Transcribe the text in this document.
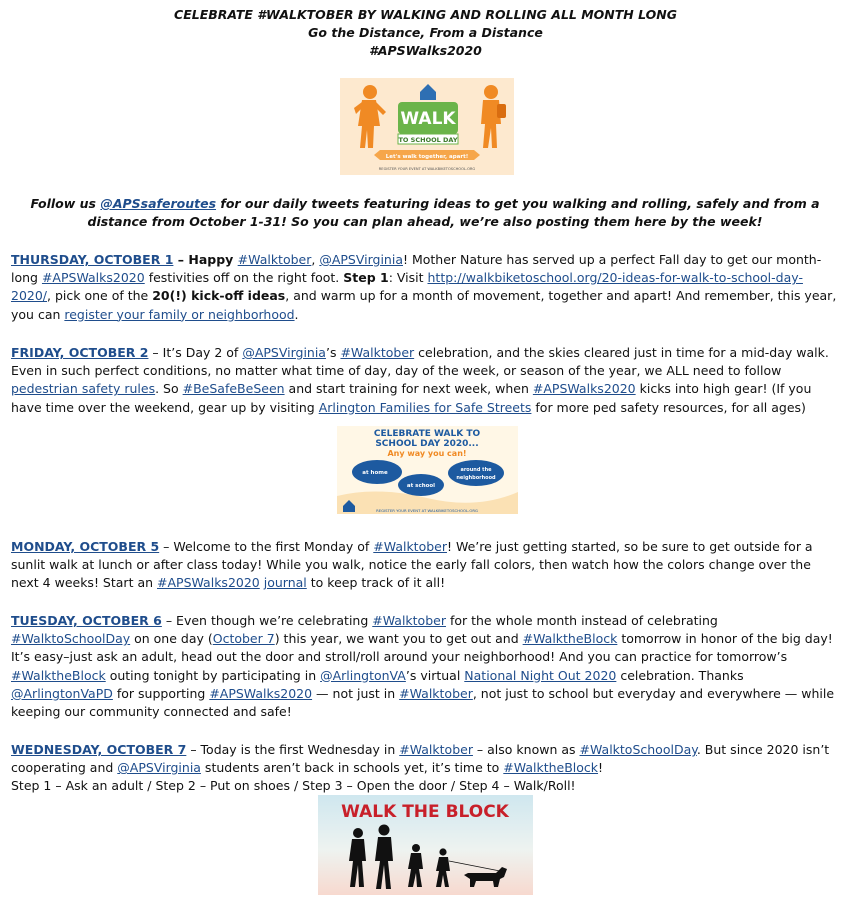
CELEBRATE #WALKTOBER BY WALKING AND ROLLING ALL MONTH LONG
Go the Distance, From a Distance
#APSWalks2020
WALK
TO SCHOOL DAY
Let's walk together, apart!
REGISTER YOUR EVENT AT WALKBIKETOSCHOOL.ORG
Follow us @APSsaferoutes for our daily tweets featuring ideas to get you walking and rolling, safely and from a distance from October 1-31! So you can plan ahead, we’re also posting them here by the week!
THURSDAY, OCTOBER 1 – Happy #Walktober, @APSVirginia! Mother Nature has served up a perfect Fall day to get our month-long #APSWalks2020 festivities off on the right foot. Step 1: Visit http://walkbiketoschool.org/20-ideas-for-walk-to-school-day-2020/, pick one of the 20(!) kick-off ideas, and warm up for a month of movement, together and apart! And remember, this year, you can register your family or neighborhood.
FRIDAY, OCTOBER 2 – It’s Day 2 of @APSVirginia’s #Walktober celebration, and the skies cleared just in time for a mid-day walk. Even in such perfect conditions, no matter what time of day, day of the week, or season of the year, we ALL need to follow pedestrian safety rules. So #BeSafeBeSeen and start training for next week, when #APSWalks2020 kicks into high gear! (If you have time over the weekend, gear up by visiting Arlington Families for Safe Streets for more ped safety resources, for all ages)
CELEBRATE WALK TO
SCHOOL DAY 2020...
Any way you can!
at home
at school
around the
neighborhood
REGISTER YOUR EVENT AT WALKBIKETOSCHOOL.ORG
MONDAY, OCTOBER 5 – Welcome to the first Monday of #Walktober! We’re just getting started, so be sure to get outside for a sunlit walk at lunch or after class today! While you walk, notice the early fall colors, then watch how the colors change over the next 4 weeks! Start an #APSWalks2020 journal to keep track of it all!
TUESDAY, OCTOBER 6 – Even though we’re celebrating #Walktober for the whole month instead of celebrating #WalktoSchoolDay on one day (October 7) this year, we want you to get out and #WalktheBlock tomorrow in honor of the big day! It’s easy–just ask an adult, head out the door and stroll/roll around your neighborhood! And you can practice for tomorrow’s #WalktheBlock outing tonight by participating in @ArlingtonVA’s virtual National Night Out 2020 celebration. Thanks @ArlingtonVaPD for supporting #APSWalks2020 — not just in #Walktober, not just to school but everyday and everywhere — while keeping our community connected and safe!
WEDNESDAY, OCTOBER 7 – Today is the first Wednesday in #Walktober – also known as #WalktoSchoolDay. But since 2020 isn’t cooperating and @APSVirginia students aren’t back in schools yet, it’s time to #WalktheBlock!
Step 1 – Ask an adult / Step 2 – Put on shoes / Step 3 – Open the door / Step 4 – Walk/Roll!
WALK THE BLOCK
